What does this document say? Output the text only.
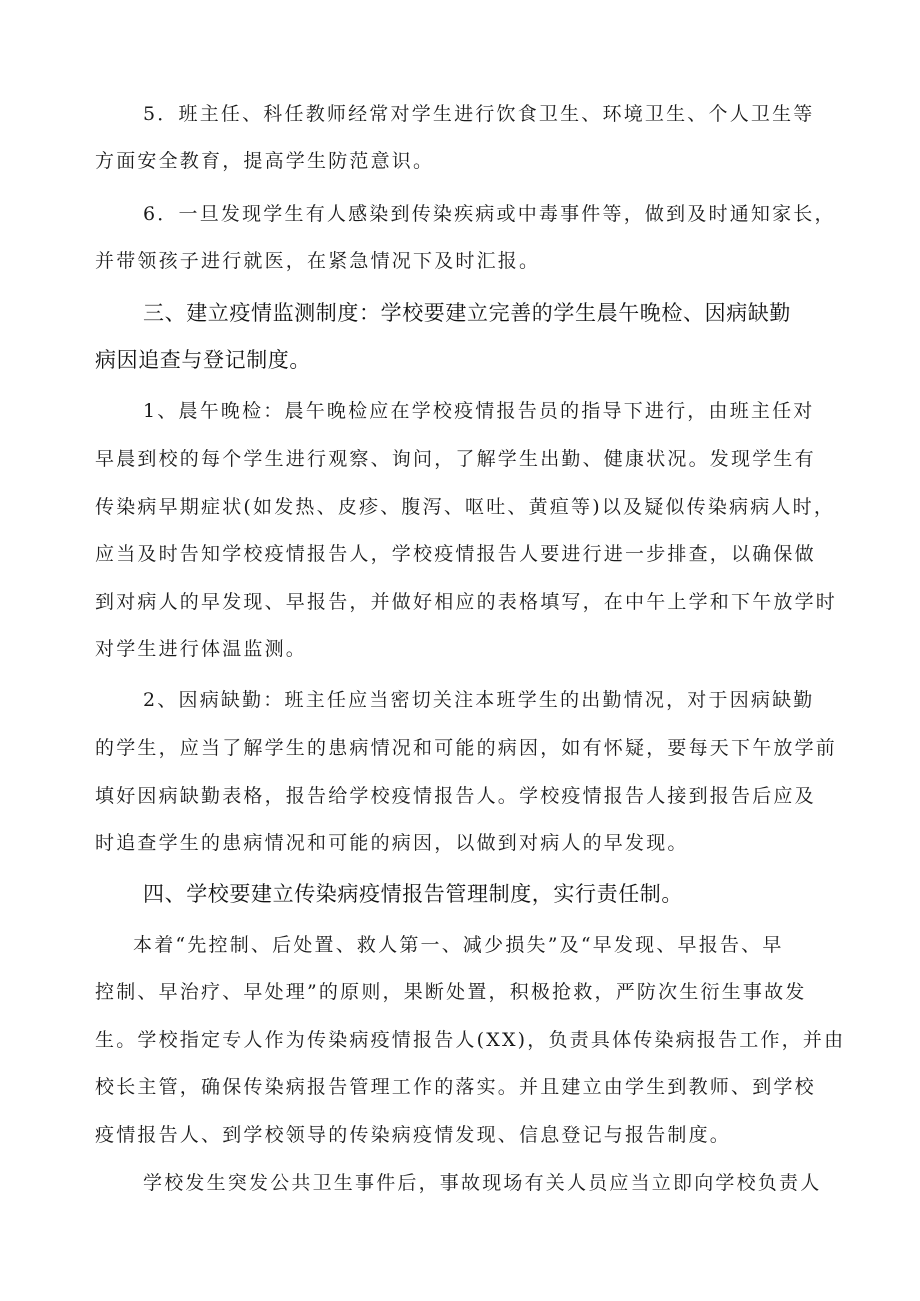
5．班主任、科任教师经常对学生进行饮食卫生、环境卫生、个人卫生等
方面安全教育，提高学生防范意识。
6．一旦发现学生有人感染到传染疾病或中毒事件等，做到及时通知家长，
并带领孩子进行就医，在紧急情况下及时汇报。
三、建立疫情监测制度：学校要建立完善的学生晨午晚检、因病缺勤
病因追查与登记制度。
1、晨午晚检：晨午晚检应在学校疫情报告员的指导下进行，由班主任对
早晨到校的每个学生进行观察、询问，了解学生出勤、健康状况。发现学生有
传染病早期症状(如发热、皮疹、腹泻、呕吐、黄疸等)以及疑似传染病病人时，
应当及时告知学校疫情报告人，学校疫情报告人要进行进一步排查，以确保做
到对病人的早发现、早报告，并做好相应的表格填写，在中午上学和下午放学时
对学生进行体温监测。
2、因病缺勤：班主任应当密切关注本班学生的出勤情况，对于因病缺勤
的学生，应当了解学生的患病情况和可能的病因，如有怀疑，要每天下午放学前
填好因病缺勤表格，报告给学校疫情报告人。学校疫情报告人接到报告后应及
时追查学生的患病情况和可能的病因，以做到对病人的早发现。
四、学校要建立传染病疫情报告管理制度，实行责任制。
本着“先控制、后处置、救人第一、减少损失”及“早发现、早报告、早
控制、早治疗、早处理”的原则，果断处置，积极抢救，严防次生衍生事故发
生。学校指定专人作为传染病疫情报告人(XX)，负责具体传染病报告工作，并由
校长主管，确保传染病报告管理工作的落实。并且建立由学生到教师、到学校
疫情报告人、到学校领导的传染病疫情发现、信息登记与报告制度。
学校发生突发公共卫生事件后，事故现场有关人员应当立即向学校负责人
